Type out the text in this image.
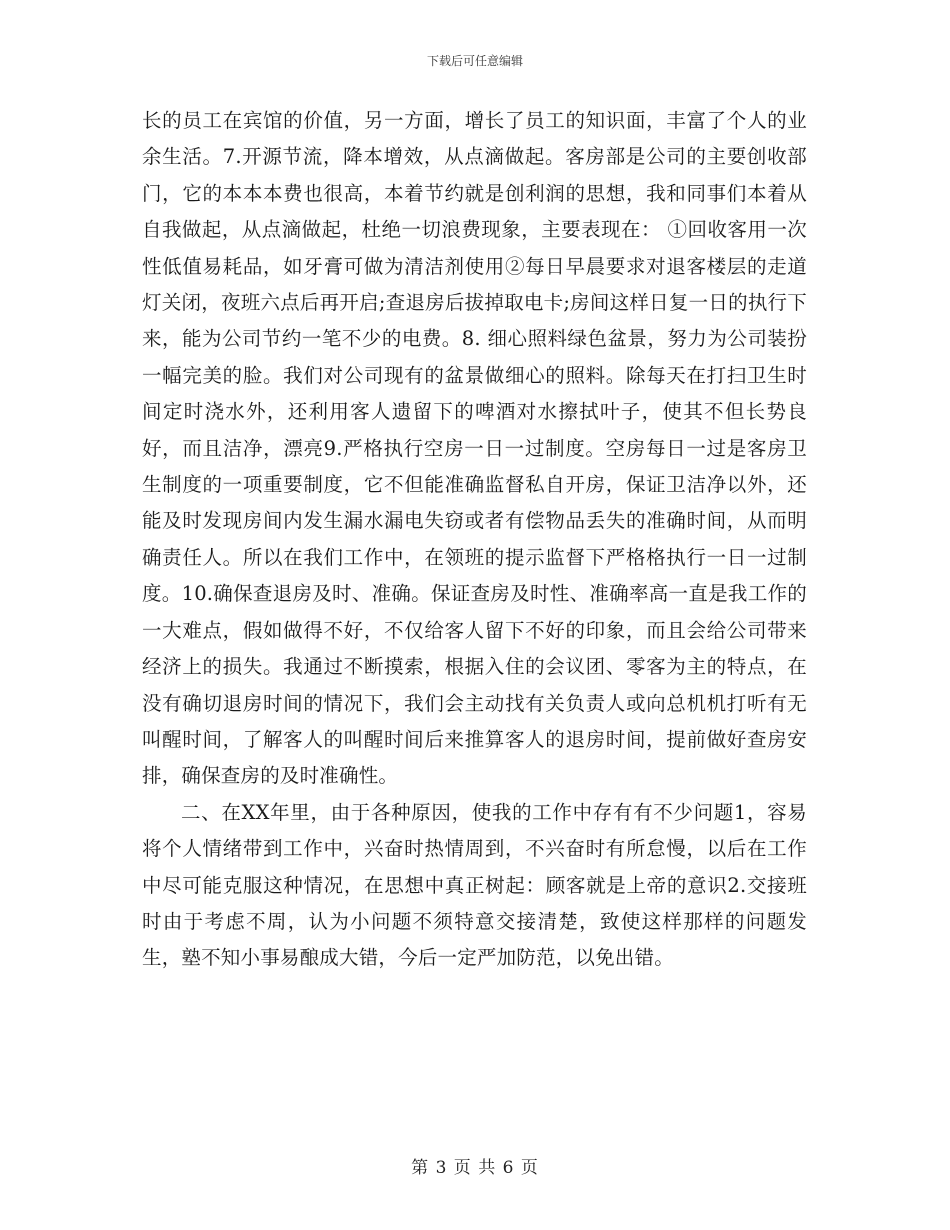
下载后可任意编辑

长的员工在宾馆的价值，另一方面，增长了员工的知识面，丰富了个人的业余生活。7.开源节流，降本增效，从点滴做起。客房部是公司的主要创收部门，它的本本本费也很高，本着节约就是创利润的思想，我和同事们本着从自我做起，从点滴做起，杜绝一切浪费现象，主要表现在： ①回收客用一次性低值易耗品，如牙膏可做为清洁剂使用②每日早晨要求对退客楼层的走道灯关闭，夜班六点后再开启;查退房后拔掉取电卡;房间这样日复一日的执行下来，能为公司节约一笔不少的电费。8. 细心照料绿色盆景，努力为公司装扮一幅完美的脸。我们对公司现有的盆景做细心的照料。除每天在打扫卫生时间定时浇水外，还利用客人遗留下的啤酒对水擦拭叶子，使其不但长势良好，而且洁净，漂亮9.严格执行空房一日一过制度。空房每日一过是客房卫生制度的一项重要制度，它不但能准确监督私自开房，保证卫洁净以外，还能及时发现房间内发生漏水漏电失窃或者有偿物品丢失的准确时间，从而明确责任人。所以在我们工作中，在领班的提示监督下严格格执行一日一过制度。10.确保查退房及时、准确。保证查房及时性、准确率高一直是我工作的一大难点，假如做得不好，不仅给客人留下不好的印象，而且会给公司带来经济上的损失。我通过不断摸索，根据入住的会议团、零客为主的特点，在没有确切退房时间的情况下，我们会主动找有关负责人或向总机机打听有无叫醒时间，了解客人的叫醒时间后来推算客人的退房时间，提前做好查房安排，确保查房的及时准确性。

二、在XX年里，由于各种原因，使我的工作中存有有不少问题1，容易将个人情绪带到工作中，兴奋时热情周到，不兴奋时有所怠慢，以后在工作中尽可能克服这种情况，在思想中真正树起：顾客就是上帝的意识2.交接班时由于考虑不周，认为小问题不须特意交接清楚，致使这样那样的问题发生，塾不知小事易酿成大错，今后一定严加防范，以免出错。

第 3 页 共 6 页
